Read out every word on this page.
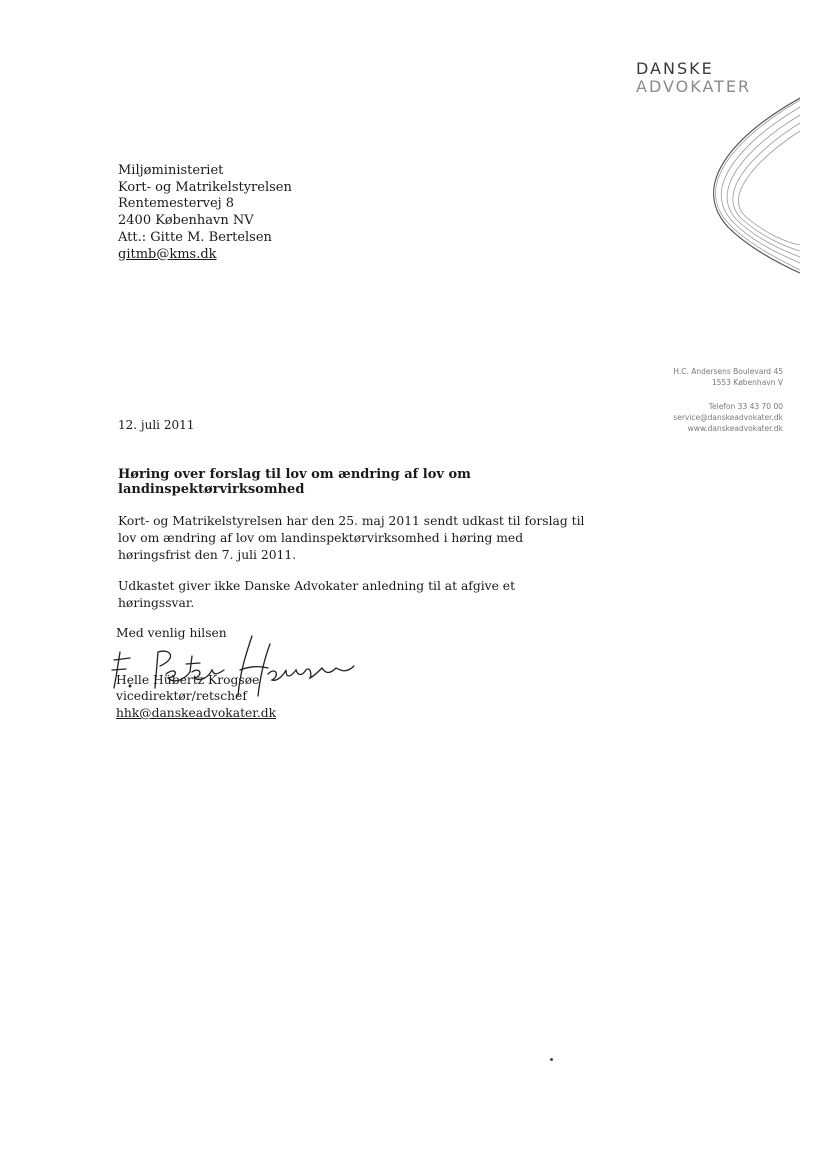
DANSKE
ADVOKATER
Miljøministeriet
Kort- og Matrikelstyrelsen
Rentemestervej 8
2400 København NV
Att.: Gitte M. Bertelsen
gitmb@kms.dk
H.C. Andersens Boulevard 45
1553 København V
Telefon 33 43 70 00
service@danskeadvokater.dk
www.danskeadvokater.dk
12. juli 2011
Høring over forslag til lov om ændring af lov om landinspektørvirksomhed

Kort- og Matrikelstyrelsen har den 25. maj 2011 sendt udkast til forslag til lov om ændring af lov om landinspektørvirksomhed i høring med høringsfrist den 7. juli 2011.

Udkastet giver ikke Danske Advokater anledning til at afgive et høringssvar.

Med venlig hilsen
Helle Hübertz Krogsøe
vicedirektør/retschef
hhk@danskeadvokater.dk
